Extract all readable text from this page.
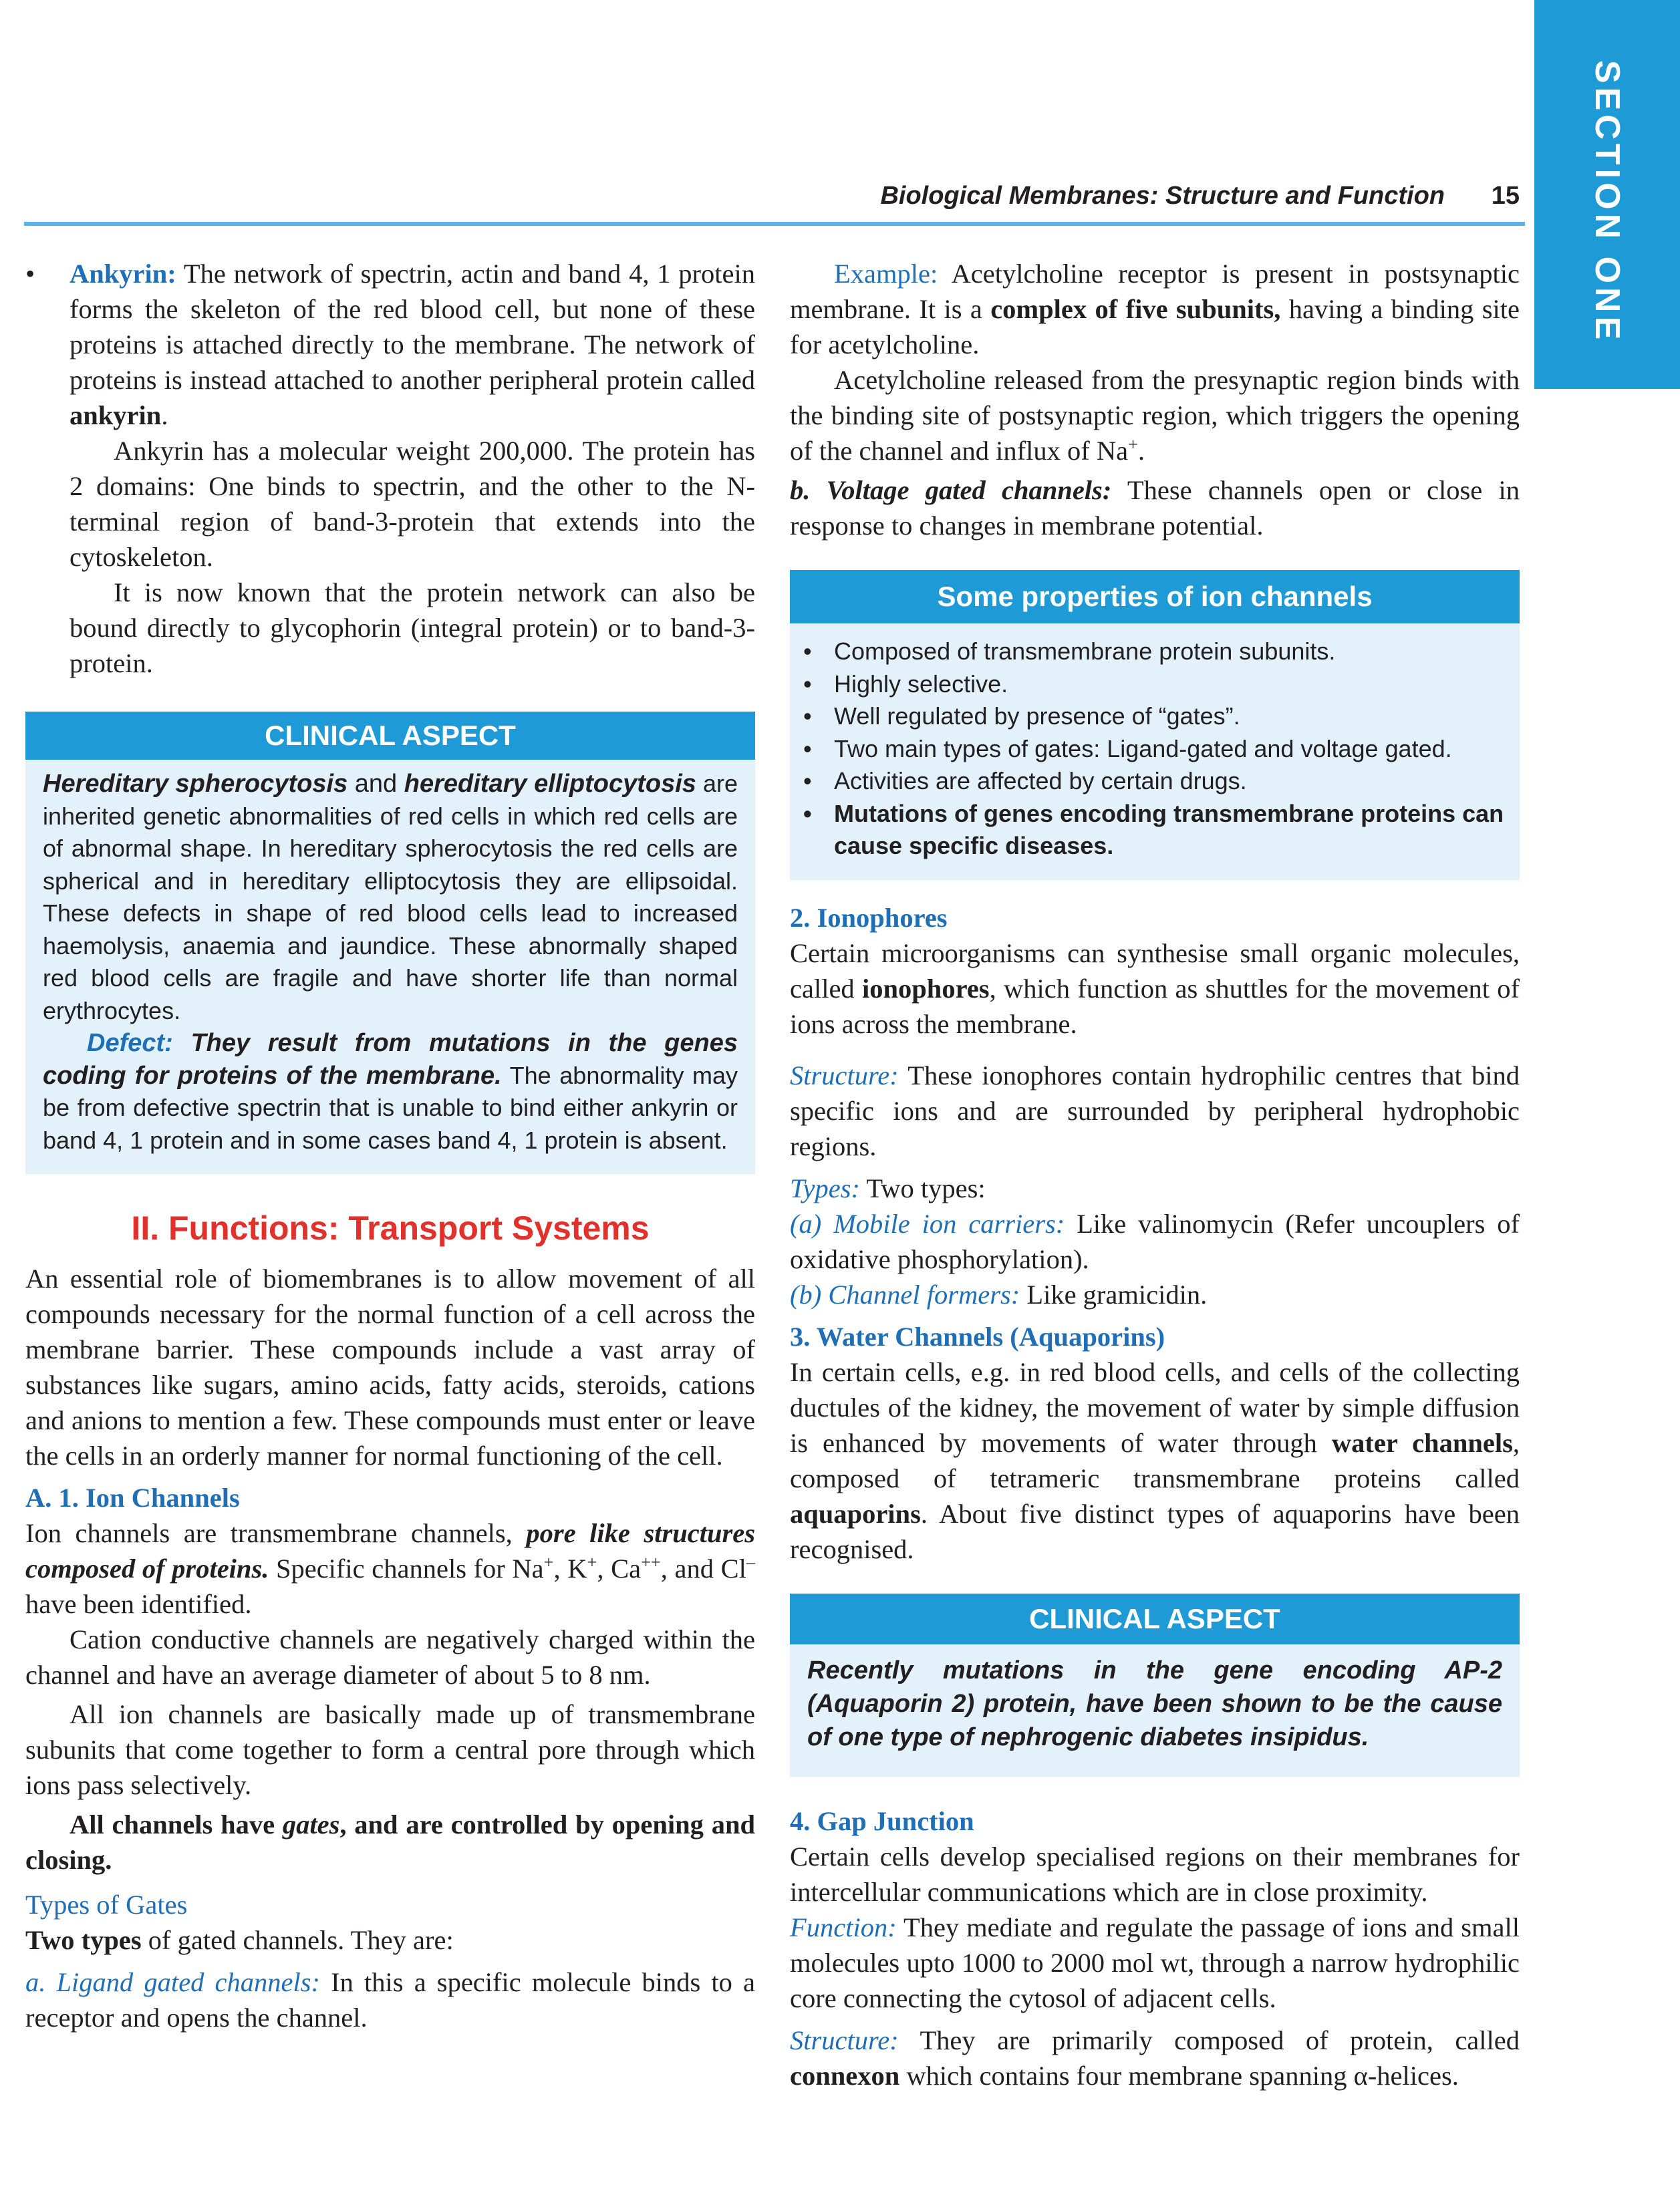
SECTION ONE
Biological Membranes: Structure and Function 15
• Ankyrin: The network of spectrin, actin and band 4, 1 protein forms the skeleton of the red blood cell, but none of these proteins is attached directly to the membrane. The network of proteins is instead attached to another peripheral protein called ankyrin.

Ankyrin has a molecular weight 200,000. The protein has 2 domains: One binds to spectrin, and the other to the N-terminal region of band-3-protein that extends into the cytoskeleton.

It is now known that the protein network can also be bound directly to glycophorin (integral protein) or to band-3-protein.

CLINICAL ASPECT

Hereditary spherocytosis and hereditary elliptocytosis are inherited genetic abnormalities of red cells in which red cells are of abnormal shape. In hereditary spherocytosis the red cells are spherical and in hereditary elliptocytosis they are ellipsoidal. These defects in shape of red blood cells lead to increased haemolysis, anaemia and jaundice. These abnormally shaped red blood cells are fragile and have shorter life than normal erythrocytes.

Defect: They result from mutations in the genes coding for proteins of the membrane. The abnormality may be from defective spectrin that is unable to bind either ankyrin or band 4, 1 protein and in some cases band 4, 1 protein is absent.

II. Functions: Transport Systems

An essential role of biomembranes is to allow movement of all compounds necessary for the normal function of a cell across the membrane barrier. These compounds include a vast array of substances like sugars, amino acids, fatty acids, steroids, cations and anions to mention a few. These compounds must enter or leave the cells in an orderly manner for normal functioning of the cell.

A. 1. Ion Channels

Ion channels are transmembrane channels, pore like structures composed of proteins. Specific channels for Na+, K+, Ca++, and Cl– have been identified.

Cation conductive channels are negatively charged within the channel and have an average diameter of about 5 to 8 nm.

All ion channels are basically made up of transmembrane subunits that come together to form a central pore through which ions pass selectively.

All channels have gates, and are controlled by opening and closing.

Types of Gates

Two types of gated channels. They are:

a. Ligand gated channels: In this a specific molecule binds to a receptor and opens the channel.

Example: Acetylcholine receptor is present in postsynaptic membrane. It is a complex of five subunits, having a binding site for acetylcholine.

Acetylcholine released from the presynaptic region binds with the binding site of postsynaptic region, which triggers the opening of the channel and influx of Na+.

b. Voltage gated channels: These channels open or close in response to changes in membrane potential.

Some properties of ion channels
• Composed of transmembrane protein subunits.
• Highly selective.
• Well regulated by presence of “gates”.
• Two main types of gates: Ligand-gated and voltage gated.
• Activities are affected by certain drugs.
• Mutations of genes encoding transmembrane proteins can cause specific diseases.
2. Ionophores

Certain microorganisms can synthesise small organic molecules, called ionophores, which function as shuttles for the movement of ions across the membrane.

Structure: These ionophores contain hydrophilic centres that bind specific ions and are surrounded by peripheral hydrophobic regions.

Types: Two types:

(a) Mobile ion carriers: Like valinomycin (Refer uncouplers of oxidative phosphorylation).

(b) Channel formers: Like gramicidin.

3. Water Channels (Aquaporins)

In certain cells, e.g. in red blood cells, and cells of the collecting ductules of the kidney, the movement of water by simple diffusion is enhanced by movements of water through water channels, composed of tetrameric transmembrane proteins called aquaporins. About five distinct types of aquaporins have been recognised.

CLINICAL ASPECT

Recently mutations in the gene encoding AP-2 (Aquaporin 2) protein, have been shown to be the cause of one type of nephrogenic diabetes insipidus.

4. Gap Junction

Certain cells develop specialised regions on their membranes for intercellular communications which are in close proximity.

Function: They mediate and regulate the passage of ions and small molecules upto 1000 to 2000 mol wt, through a narrow hydrophilic core connecting the cytosol of adjacent cells.

Structure: They are primarily composed of protein, called connexon which contains four membrane spanning α-helices.
